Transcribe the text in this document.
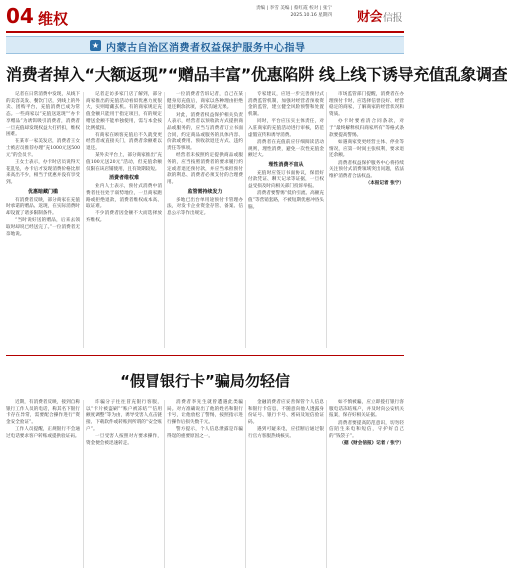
04 维权
责编 | 李雪 美编 | 蔡红霞 校对 | 张宁
2025.10.16 星期四 财会信报
★ 内蒙古自治区消费者权益保护服务中心指导
消费者掉入“大额返现”“赠品丰富”优惠陷阱 线上线下诱导充值乱象调查

记者在日常消费中发现，从线下的美容美发、餐饮门店，到线上的外卖、团购平台，充值消费已成为常态。一些商家以“充值送返现”“办卡享赠品”为诱饵吸引消费者，消费者一旦充值却发现权益大打折扣，维权困难。

在某市一家美发店，消费者王女士被店员推荐办理“充1000元送500元”的会员卡。

王女士表示，办卡时店员说得天花乱坠，办卡后才发现消费价格比原来高出不少，相当于优惠并没有享受到。

优惠暗藏门槛

有消费者反映，部分商家在充值时承诺的赠品、返现，在实际消费时却设置了诸多限制条件。

“当时说好送的赠品，后来去领取时却说已经送完了。”一位消费者无奈地说。

记者走访多家门店了解到，部分商家推出的充值活动看似优惠力度很大，实则暗藏玄机。有的商家规定充值金额只能用于指定项目，有的规定赠送金额不能单独使用，需与本金按比例抵扣。

有商家在顾客充值后不久就变更经营者或直接关门，消费者余额难以退还。

某外卖平台上，部分商家推出“充值100元送20元”活动，但充值余额仅限在该店铺使用，且有效期较短。

消费者维权难

业内人士表示，预付式消费中消费者往往处于弱势地位，一旦商家跑路或拒绝退款，消费者维权成本高、取证难。

不少消费者因金额不大而选择放弃维权。

一位消费者告诉记者，自己在某健身房充值后，商家以各种理由拒绝退还剩余款项，多次沟通无果。

对此，消费者权益保护相关负责人表示，经营者以预收款方式提供商品或服务的，应当与消费者订立书面合同，约定商品或服务的具体内容、价款或费用、预收款退还方式、违约责任等事项。

经营者未按照约定提供商品或服务的，应当按照消费者的要求履行约定或者退还预付款，并应当承担预付款的利息、消费者必须支付的合理费用。

监管需持续发力

多地已出台单用途预付卡管理办法，对发卡企业资金存管、备案、信息公示等作出规定。

专家建议，应进一步完善预付式消费监管机制，加强对经营者预收资金的监管，建立健全风险预警和处置机制。

同时，平台应压实主体责任，对入驻商家的充值活动进行审核，防范虚假宣传和诱导消费。

消费者在充值前应仔细阅读活动规则，理性消费，避免一次性充值金额过大。

理性消费不盲从

充值时应签订书面协议，保留好付款凭证、聊天记录等证据，一旦权益受损及时向相关部门投诉举报。

消费者要警惕“低价引流、高额充值”等营销套路，不被短期优惠冲昏头脑。

市场监管部门提醒，消费者在办理预付卡时，应选择信誉良好、经营稳定的商家，了解商家的经营状况和资质。

办卡时要看清合同条款，对于“最终解释权归商家所有”等格式条款要提高警惕。

如遇商家变更经营主体、停业等情况，应第一时间主张权利，要求退还余额。

消费者权益保护服务中心将持续关注预付式消费领域突出问题，依法维护消费者合法权益。

（本报记者 张宁）

“假冒银行卡”骗局勿轻信

近期，有消费者反映，接到自称银行工作人员的电话，称其名下银行卡存在异常，需要配合操作进行“资金安全验证”。

工作人员提醒，正规银行不会通过电话要求客户转账或提供验证码。

诈骗分子往往冒充银行客服，以“卡片被盗刷”“账户被冻结”“信用额度调整”等为由，诱导受害人点击链接、下载软件或转账到所谓的“安全账户”。

一旦受害人按照对方要求操作，资金便会被迅速转走。

消费者李先生就曾遭遇此类骗局。对方准确说出了他的姓名和银行卡号，让他放松了警惕，按照指示进行操作后损失数千元。

警方提示，个人信息泄露是诈骗得逞的重要原因之一。

金融消费者应妥善保管个人信息和银行卡信息，不随意向他人透露身份证号、银行卡号、密码及短信验证码。

遇到可疑来电，应挂断后通过银行官方客服热线核实。

如不慎被骗，应立即拨打银行客服电话冻结账户，并及时向公安机关报案，保存好相关证据。

消费者要提高防范意识，切勿轻信陌生来电和短信，守护好自己的“钱袋子”。

（据《财会信报》记者 / 张宁）
